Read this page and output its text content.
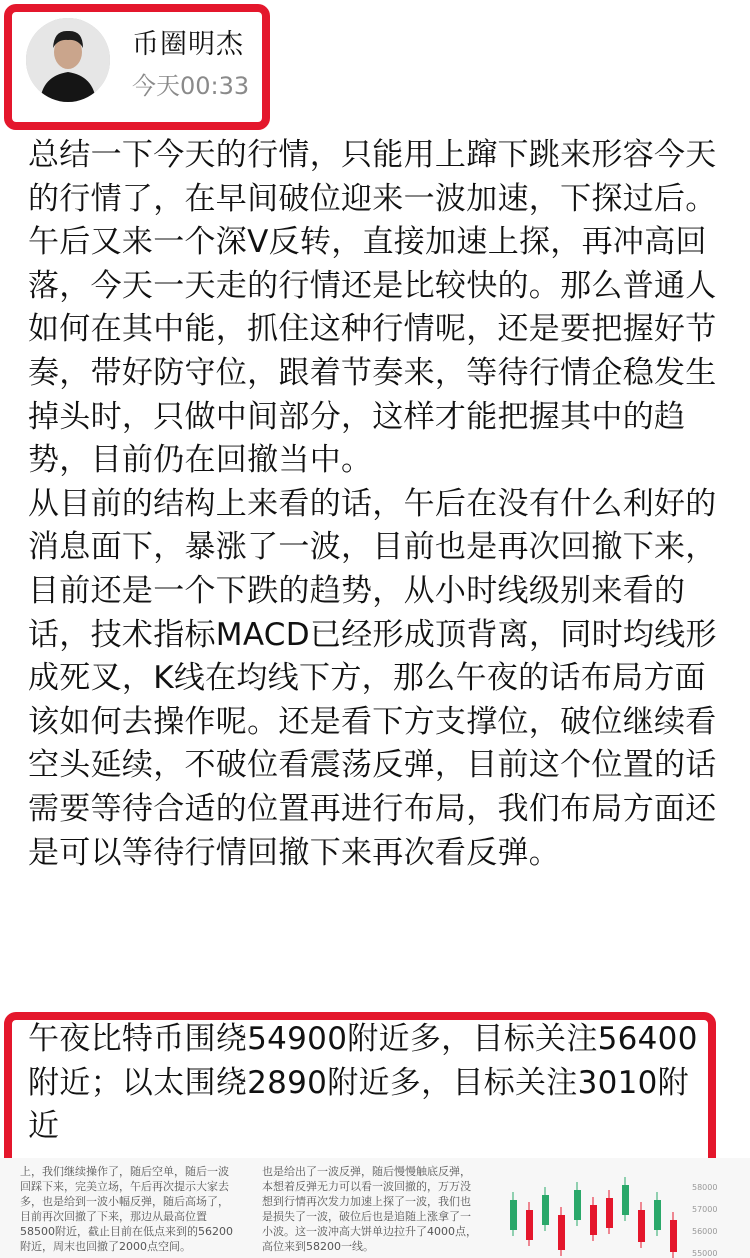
币圈明杰
今天00:33

总结一下今天的行情，只能用上蹿下跳来形容今天的行情了，在早间破位迎来一波加速，下探过后。午后又来一个深V反转，直接加速上探，再冲高回落，今天一天走的行情还是比较快的。那么普通人如何在其中能，抓住这种行情呢，还是要把握好节奏，带好防守位，跟着节奏来，等待行情企稳发生掉头时，只做中间部分，这样才能把握其中的趋势，目前仍在回撤当中。

从目前的结构上来看的话，午后在没有什么利好的消息面下，暴涨了一波，目前也是再次回撤下来，目前还是一个下跌的趋势，从小时线级别来看的话，技术指标MACD已经形成顶背离，同时均线形成死叉，K线在均线下方，那么午夜的话布局方面该如何去操作呢。还是看下方支撑位，破位继续看空头延续，不破位看震荡反弹，目前这个位置的话需要等待合适的位置再进行布局，我们布局方面还是可以等待行情回撤下来再次看反弹。

午夜比特币围绕54900附近多，目标关注56400附近；以太围绕2890附近多，目标关注3010附近
上，我们继续操作了，随后空单，随后一波回踩下来，完美立场，午后再次提示大家去多，也是给到一波小幅反弹，随后高场了，目前再次回撤了下来，那边从最高位置58500附近，截止目前在低点来到的56200附近，周末也回撤了2000点空间。
也是给出了一波反弹，随后慢慢触底反弹，本想着反弹无力可以看一波回撤的，万万没想到行情再次发力加速上探了一波，我们也是损失了一波，破位后也是追随上涨拿了一小波。这一波冲高大饼单边拉升了4000点，高位来到58200一线。
58000
57000
56000
55000
